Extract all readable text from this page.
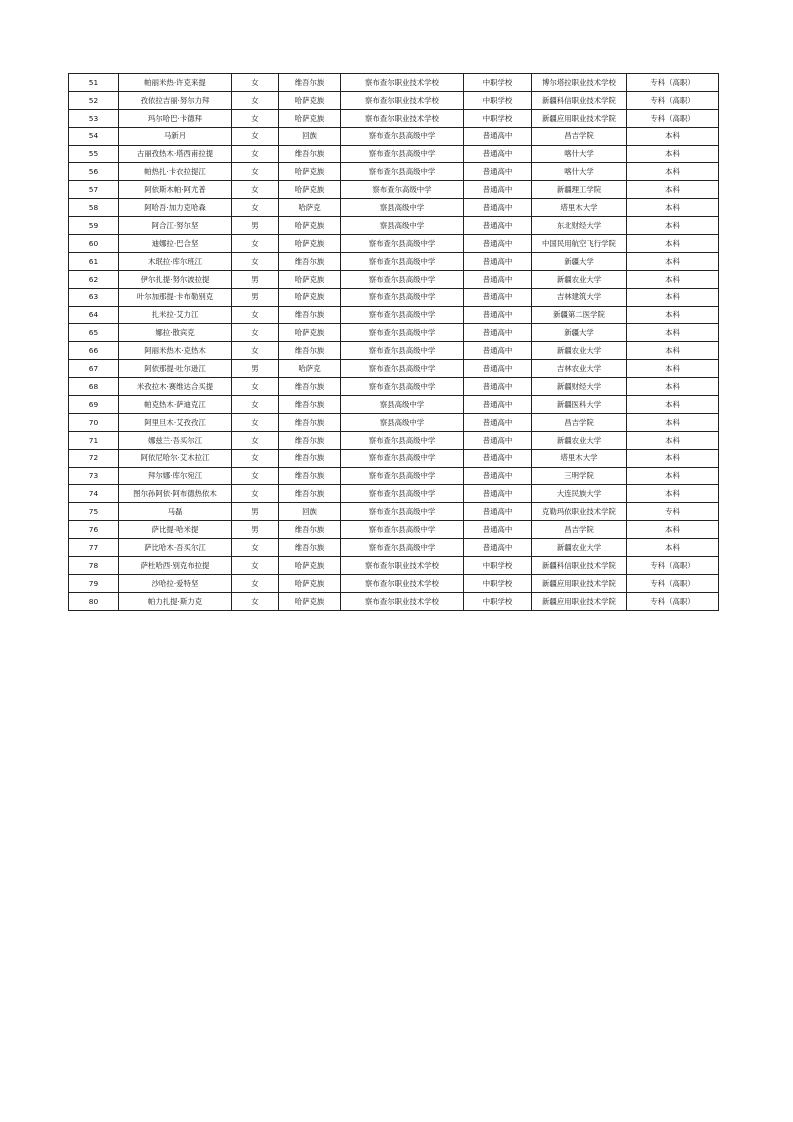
51	帕丽米热·许克来提	女	维吾尔族	察布查尔职业技术学校	中职学校	博尔塔拉职业技术学校	专科（高职）
52	孜依拉吉丽·努尔力拜	女	哈萨克族	察布查尔职业技术学校	中职学校	新疆科信职业技术学院	专科（高职）
53	玛尔哈巴·卡德拜	女	哈萨克族	察布查尔职业技术学校	中职学校	新疆应用职业技术学院	专科（高职）
54	马新月	女	回族	察布查尔县高级中学	普通高中	昌吉学院	本科
55	古丽孜热木·塔西甫拉提	女	维吾尔族	察布查尔县高级中学	普通高中	喀什大学	本科
56	帕热扎·卡衣拉提江	女	哈萨克族	察布查尔县高级中学	普通高中	喀什大学	本科
57	阿依斯木帕·阿尤普	女	哈萨克族	察布查尔高级中学	普通高中	新疆理工学院	本科
58	阿哈吾·加力克哈森	女	哈萨克	察县高级中学	普通高中	塔里木大学	本科
59	阿合江·努尔坚	男	哈萨克族	察县高级中学	普通高中	东北财经大学	本科
60	迪娜拉·巴合坚	女	哈萨克族	察布查尔县高级中学	普通高中	中国民用航空飞行学院	本科
61	木珉拉·库尔班江	女	维吾尔族	察布查尔县高级中学	普通高中	新疆大学	本科
62	伊尔扎提·努尔波拉提	男	哈萨克族	察布查尔县高级中学	普通高中	新疆农业大学	本科
63	叶尔加那提·卡布勒别克	男	哈萨克族	察布查尔县高级中学	普通高中	吉林建筑大学	本科
64	扎米拉·艾力江	女	维吾尔族	察布查尔县高级中学	普通高中	新疆第二医学院	本科
65	娜拉·散宾克	女	哈萨克族	察布查尔县高级中学	普通高中	新疆大学	本科
66	阿丽米热木·克热木	女	维吾尔族	察布查尔县高级中学	普通高中	新疆农业大学	本科
67	阿依那提·吐尔逊江	男	哈萨克	察布查尔县高级中学	普通高中	吉林农业大学	本科
68	米孜拉木·赛维达合买提	女	维吾尔族	察布查尔县高级中学	普通高中	新疆财经大学	本科
69	帕克热木·萨迪克江	女	维吾尔族	察县高级中学	普通高中	新疆医科大学	本科
70	阿里旦木·艾孜孜江	女	维吾尔族	察县高级中学	普通高中	昌吉学院	本科
71	娜兹兰·吾买尔江	女	维吾尔族	察布查尔县高级中学	普通高中	新疆农业大学	本科
72	阿依尼哈尔·艾木拉江	女	维吾尔族	察布查尔县高级中学	普通高中	塔里木大学	本科
73	拜尔娜·库尔宛江	女	维吾尔族	察布查尔县高级中学	普通高中	三明学院	本科
74	图尔孙阿依·阿布德热依木	女	维吾尔族	察布查尔县高级中学	普通高中	大连民族大学	本科
75	马磊	男	回族	察布查尔县高级中学	普通高中	克勒玛依职业技术学院	专科
76	萨比提·哈米提	男	维吾尔族	察布查尔县高级中学	普通高中	昌吉学院	本科
77	萨比哈木·吾买尔江	女	维吾尔族	察布查尔县高级中学	普通高中	新疆农业大学	本科
78	萨杜哈西·别克布拉提	女	哈萨克族	察布查尔职业技术学校	中职学校	新疆科信职业技术学院	专科（高职）
79	沙哈拉·爱特坚	女	哈萨克族	察布查尔职业技术学校	中职学校	新疆应用职业技术学院	专科（高职）
80	帕力扎提·斯力克	女	哈萨克族	察布查尔职业技术学校	中职学校	新疆应用职业技术学院	专科（高职）
